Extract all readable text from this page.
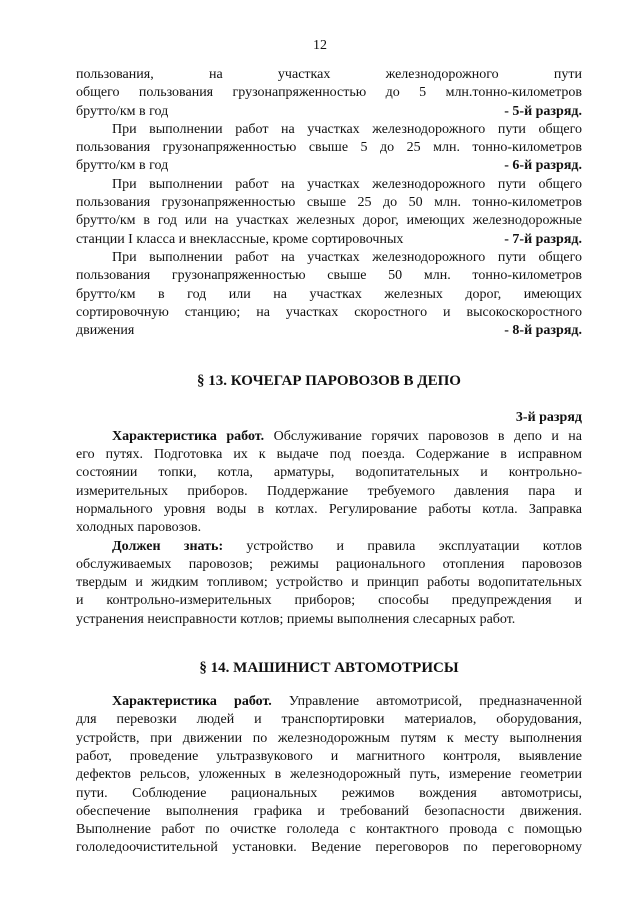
12
пользования, на участках железнодорожного пути
общего пользования грузонапряженностью до 5 млн.тонно-километров
брутто/км в год	- 5-й разряд.
При выполнении работ на участках железнодорожного пути общего
пользования грузонапряженностью свыше 5 до 25 млн. тонно-километров
брутто/км в год	- 6-й разряд.
При выполнении работ на участках железнодорожного пути общего
пользования грузонапряженностью свыше 25 до 50 млн. тонно-километров
брутто/км в год или на участках железных дорог, имеющих железнодорожные
станции I класса и внеклассные, кроме сортировочных	- 7-й разряд.
При выполнении работ на участках железнодорожного пути общего
пользования грузонапряженностью свыше 50 млн. тонно-километров
брутто/км в год или на участках железных дорог, имеющих
сортировочную станцию; на участках скоростного и высокоскоростного
движения	- 8-й разряд.
§ 13. КОЧЕГАР ПАРОВОЗОВ В ДЕПО
3-й разряд
Характеристика работ. Обслуживание горячих паровозов в депо и на
его путях. Подготовка их к выдаче под поезда. Содержание в исправном
состоянии топки, котла, арматуры, водопитательных и контрольно-
измерительных приборов. Поддержание требуемого давления пара и
нормального уровня воды в котлах. Регулирование работы котла. Заправка
холодных паровозов.
Должен знать: устройство и правила эксплуатации котлов
обслуживаемых паровозов; режимы рационального отопления паровозов
твердым и жидким топливом; устройство и принцип работы водопитательных
и контрольно-измерительных приборов; способы предупреждения и
устранения неисправности котлов; приемы выполнения слесарных работ.
§ 14. МАШИНИСТ АВТОМОТРИСЫ
Характеристика работ. Управление автомотрисой, предназначенной
для перевозки людей и транспортировки материалов, оборудования,
устройств, при движении по железнодорожным путям к месту выполнения
работ, проведение ультразвукового и магнитного контроля, выявление
дефектов рельсов, уложенных в железнодорожный путь, измерение геометрии
пути. Соблюдение рациональных режимов вождения автомотрисы,
обеспечение выполнения графика и требований безопасности движения.
Выполнение работ по очистке гололеда с контактного провода с помощью
гололедоочистительной установки. Ведение переговоров по переговорному
